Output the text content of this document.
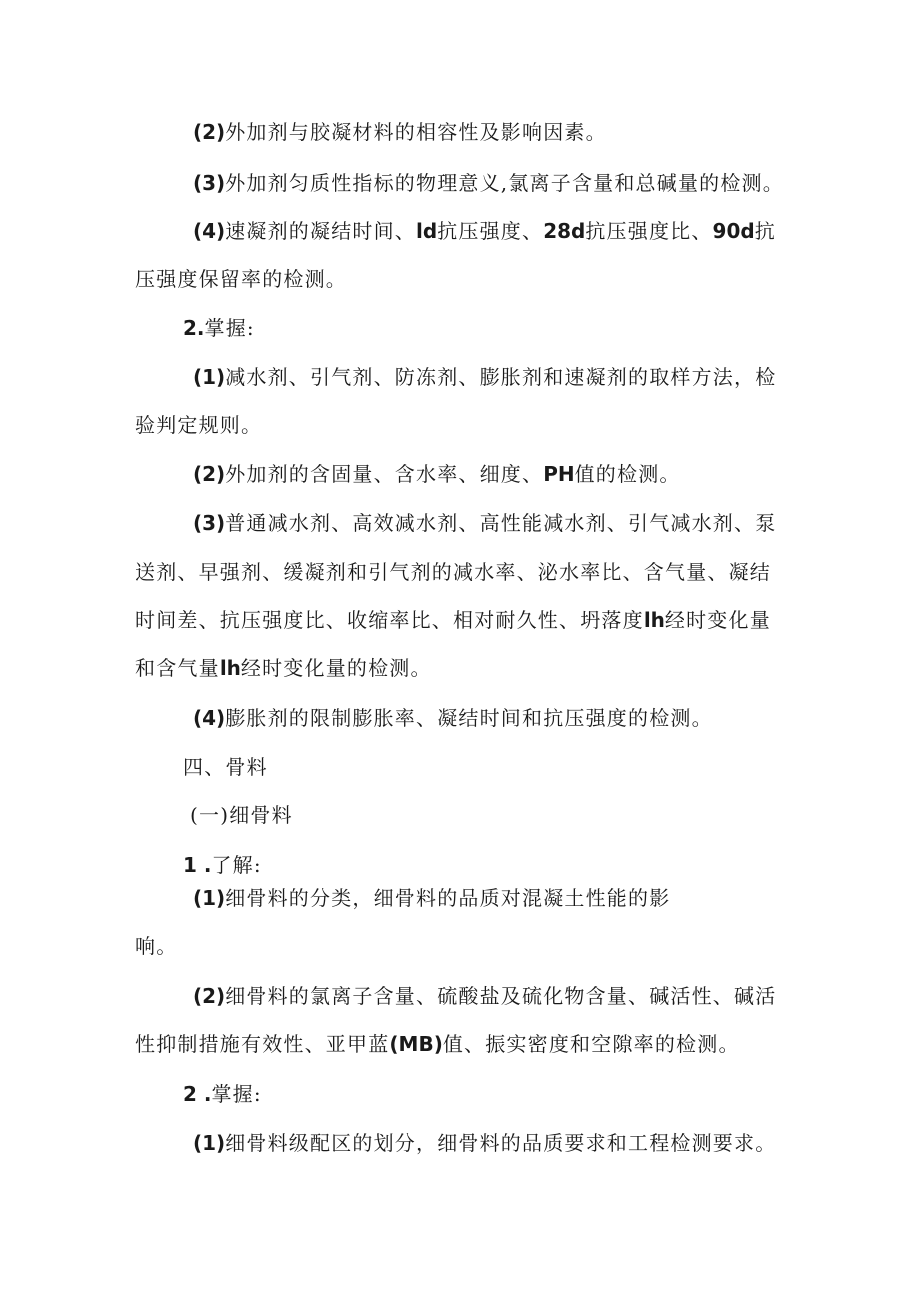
(2)外加剂与胶凝材料的相容性及影响因素。
(3)外加剂匀质性指标的物理意义,氯离子含量和总碱量的检测。
(4)速凝剂的凝结时间、ld抗压强度、28d抗压强度比、90d抗
压强度保留率的检测。
2.掌握:
(1)减水剂、引气剂、防冻剂、膨胀剂和速凝剂的取样方法，检
验判定规则。
(2)外加剂的含固量、含水率、细度、PH值的检测。
(3)普通减水剂、高效减水剂、高性能减水剂、引气减水剂、泵
送剂、早强剂、缓凝剂和引气剂的减水率、泌水率比、含气量、凝结
时间差、抗压强度比、收缩率比、相对耐久性、坍落度lh经时变化量
和含气量lh经时变化量的检测。
(4)膨胀剂的限制膨胀率、凝结时间和抗压强度的检测。
四、骨料
(一)细骨料
1 .了解:
(1)细骨料的分类，细骨料的品质对混凝土性能的影
响。
(2)细骨料的氯离子含量、硫酸盐及硫化物含量、碱活性、碱活
性抑制措施有效性、亚甲蓝(MB)值、振实密度和空隙率的检测。
2 .掌握:
(1)细骨料级配区的划分，细骨料的品质要求和工程检测要求。
